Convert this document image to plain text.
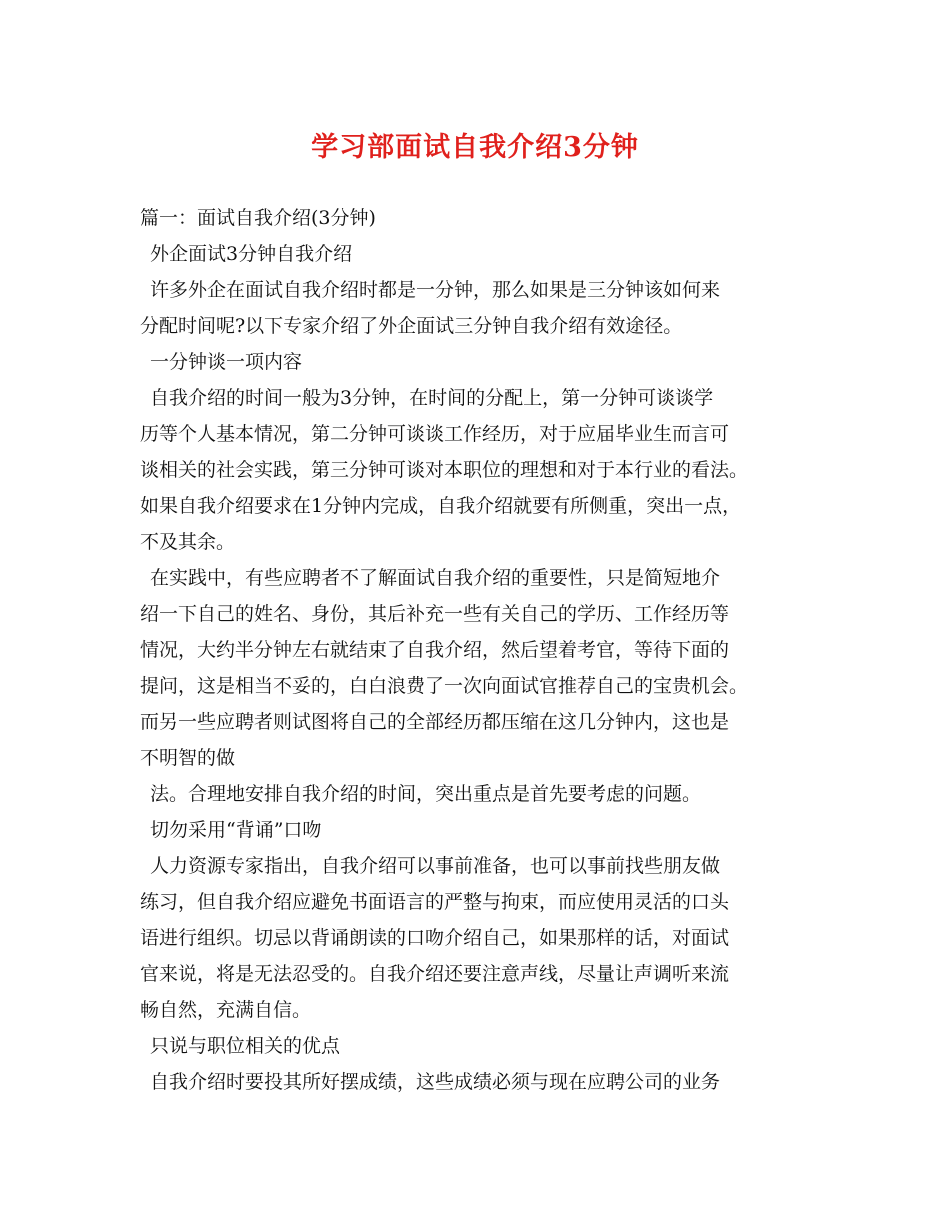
学习部面试自我介绍3分钟
篇一：面试自我介绍(3分钟)
外企面试3分钟自我介绍
许多外企在面试自我介绍时都是一分钟，那么如果是三分钟该如何来
分配时间呢?以下专家介绍了外企面试三分钟自我介绍有效途径。
一分钟谈一项内容
自我介绍的时间一般为3分钟，在时间的分配上，第一分钟可谈谈学
历等个人基本情况，第二分钟可谈谈工作经历，对于应届毕业生而言可
谈相关的社会实践，第三分钟可谈对本职位的理想和对于本行业的看法。
如果自我介绍要求在1分钟内完成，自我介绍就要有所侧重，突出一点，
不及其余。
在实践中，有些应聘者不了解面试自我介绍的重要性，只是简短地介
绍一下自己的姓名、身份，其后补充一些有关自己的学历、工作经历等
情况，大约半分钟左右就结束了自我介绍，然后望着考官，等待下面的
提问，这是相当不妥的，白白浪费了一次向面试官推荐自己的宝贵机会。
而另一些应聘者则试图将自己的全部经历都压缩在这几分钟内，这也是
不明智的做
法。合理地安排自我介绍的时间，突出重点是首先要考虑的问题。
切勿采用“背诵”口吻
人力资源专家指出，自我介绍可以事前准备，也可以事前找些朋友做
练习，但自我介绍应避免书面语言的严整与拘束，而应使用灵活的口头
语进行组织。切忌以背诵朗读的口吻介绍自己，如果那样的话，对面试
官来说，将是无法忍受的。自我介绍还要注意声线，尽量让声调听来流
畅自然，充满自信。
只说与职位相关的优点
自我介绍时要投其所好摆成绩，这些成绩必须与现在应聘公司的业务
